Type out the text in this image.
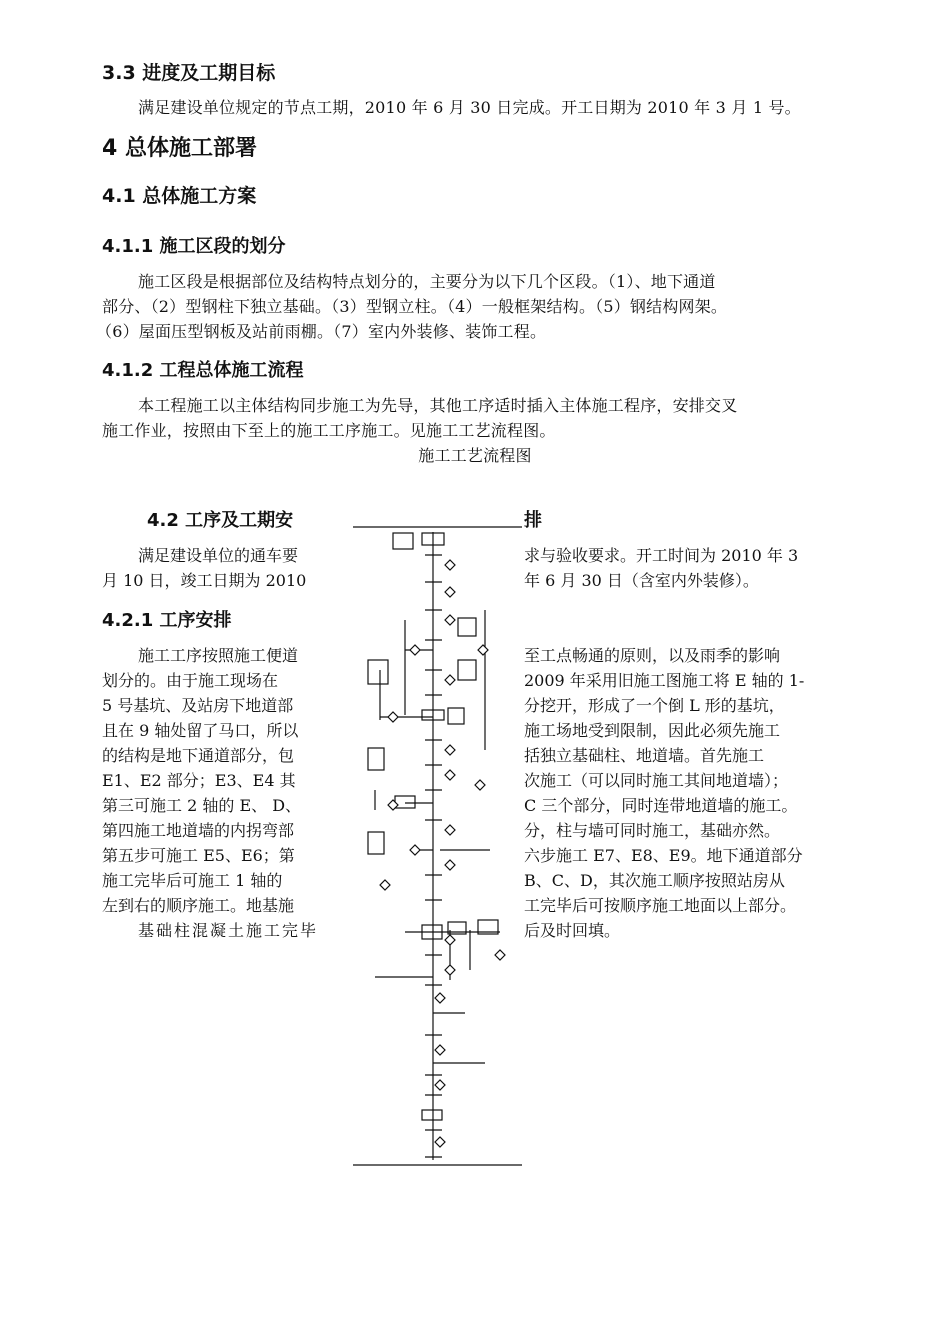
3.3 进度及工期目标
满足建设单位规定的节点工期，2010 年 6 月 30 日完成。开工日期为 2010 年 3 月 1 号。
4 总体施工部署
4.1 总体施工方案
4.1.1 施工区段的划分
施工区段是根据部位及结构特点划分的，主要分为以下几个区段。（1）、地下通道
部分、（2）型钢柱下独立基础。（3）型钢立柱。（4）一般框架结构。（5）钢结构网架。
（6）屋面压型钢板及站前雨棚。（7）室内外装修、装饰工程。
4.1.2 工程总体施工流程
本工程施工以主体结构同步施工为先导，其他工序适时插入主体施工程序，安排交叉
施工作业，按照由下至上的施工工序施工。见施工工艺流程图。
施工工艺流程图
4.2 工序及工期安	排
满足建设单位的通车要
月 10 日，竣工日期为 2010
求与验收要求。开工时间为 2010 年 3
年 6 月 30 日（含室内外装修）。
4.2.1 工序安排
施工工序按照施工便道
划分的。由于施工现场在
5 号基坑、及站房下地道部
且在 9 轴处留了马口，所以
的结构是地下通道部分，包
E1、E2 部分；E3、E4 其
第三可施工 2 轴的 E、 D、
第四施工地道墙的内拐弯部
第五步可施工 E5、E6；第
施工完毕后可施工 1 轴的
左到右的顺序施工。地基施
基础柱混凝土施工完毕
至工点畅通的原则，以及雨季的影响
2009 年采用旧施工图施工将 E 轴的 1-
分挖开，形成了一个倒 L 形的基坑，
施工场地受到限制，因此必须先施工
括独立基础柱、地道墙。首先施工
次施工（可以同时施工其间地道墙）；
C 三个部分，同时连带地道墙的施工。
分，柱与墙可同时施工，基础亦然。
六步施工 E7、E8、E9。地下通道部分
B、C、D，其次施工顺序按照站房从
工完毕后可按顺序施工地面以上部分。
后及时回填。
